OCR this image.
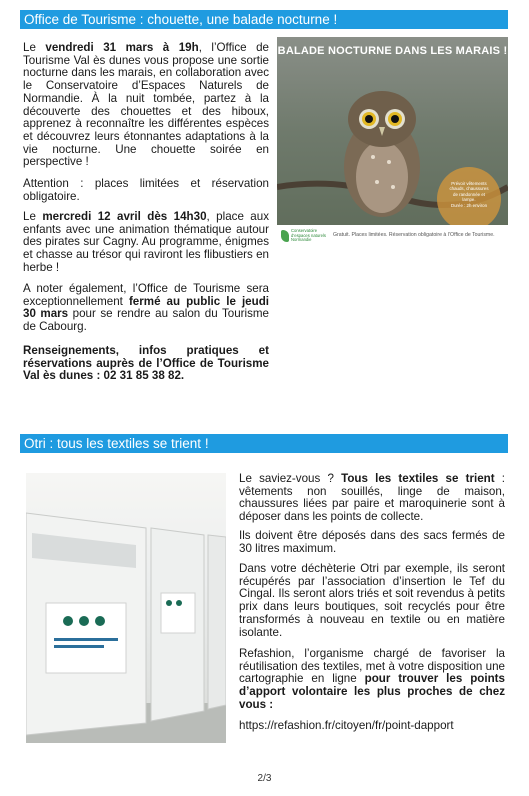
Office de Tourisme : chouette, une balade nocturne !

Le vendredi 31 mars à 19h, l’Office de Tourisme Val ès dunes vous propose une sortie nocturne dans les marais, en collaboration avec le Conservatoire d’Espaces Naturels de Normandie. À la nuit tombée, partez à la découverte des chouettes et des hiboux, apprenez à reconnaître les différentes espèces et découvrez leurs étonnantes adaptations à la vie nocturne. Une chouette soirée en perspective !

Attention : places limitées et réservation obligatoire.

Le mercredi 12 avril dès 14h30, place aux enfants avec une animation thématique autour des pirates sur Cagny. Au programme, énigmes et chasse au trésor qui raviront les flibustiers en herbe !

A noter également, l’Office de Tourisme sera exceptionnellement fermé au public le jeudi 30 mars pour se rendre au salon du Tourisme de Cabourg.

Renseignements, infos pratiques et réservations auprès de l’Office de Tourisme Val ès dunes : 02 31 85 38 82.

BALADE NOCTURNE DANS LES MARAIS !
Prévoir vêtements
chauds, chaussures
de randonnée et
lampe.
Durée : 2h environ
Conservatoire d’espaces naturels Normandie
Gratuit. Places limitées. Réservation obligatoire à l’Office de Tourisme.
Otri : tous les textiles se trient !

Le saviez-vous ? Tous les textiles se trient : vêtements non souillés, linge de maison, chaussures liées par paire et maroquinerie sont à déposer dans les points de collecte.

Ils doivent être déposés dans des sacs fermés de 30 litres maximum.

Dans votre déchèterie Otri par exemple, ils seront récupérés par l’association d’insertion le Tef du Cingal. Ils seront alors triés et soit revendus à petits prix dans leurs boutiques, soit recyclés pour être transformés à nouveau en textile ou en matière isolante.

Refashion, l’organisme chargé de favoriser la réutilisation des textiles, met à votre disposition une cartographie en ligne pour trouver les points d’apport volontaire les plus proches de chez vous :

https://refashion.fr/citoyen/fr/point-dapport

2/3
